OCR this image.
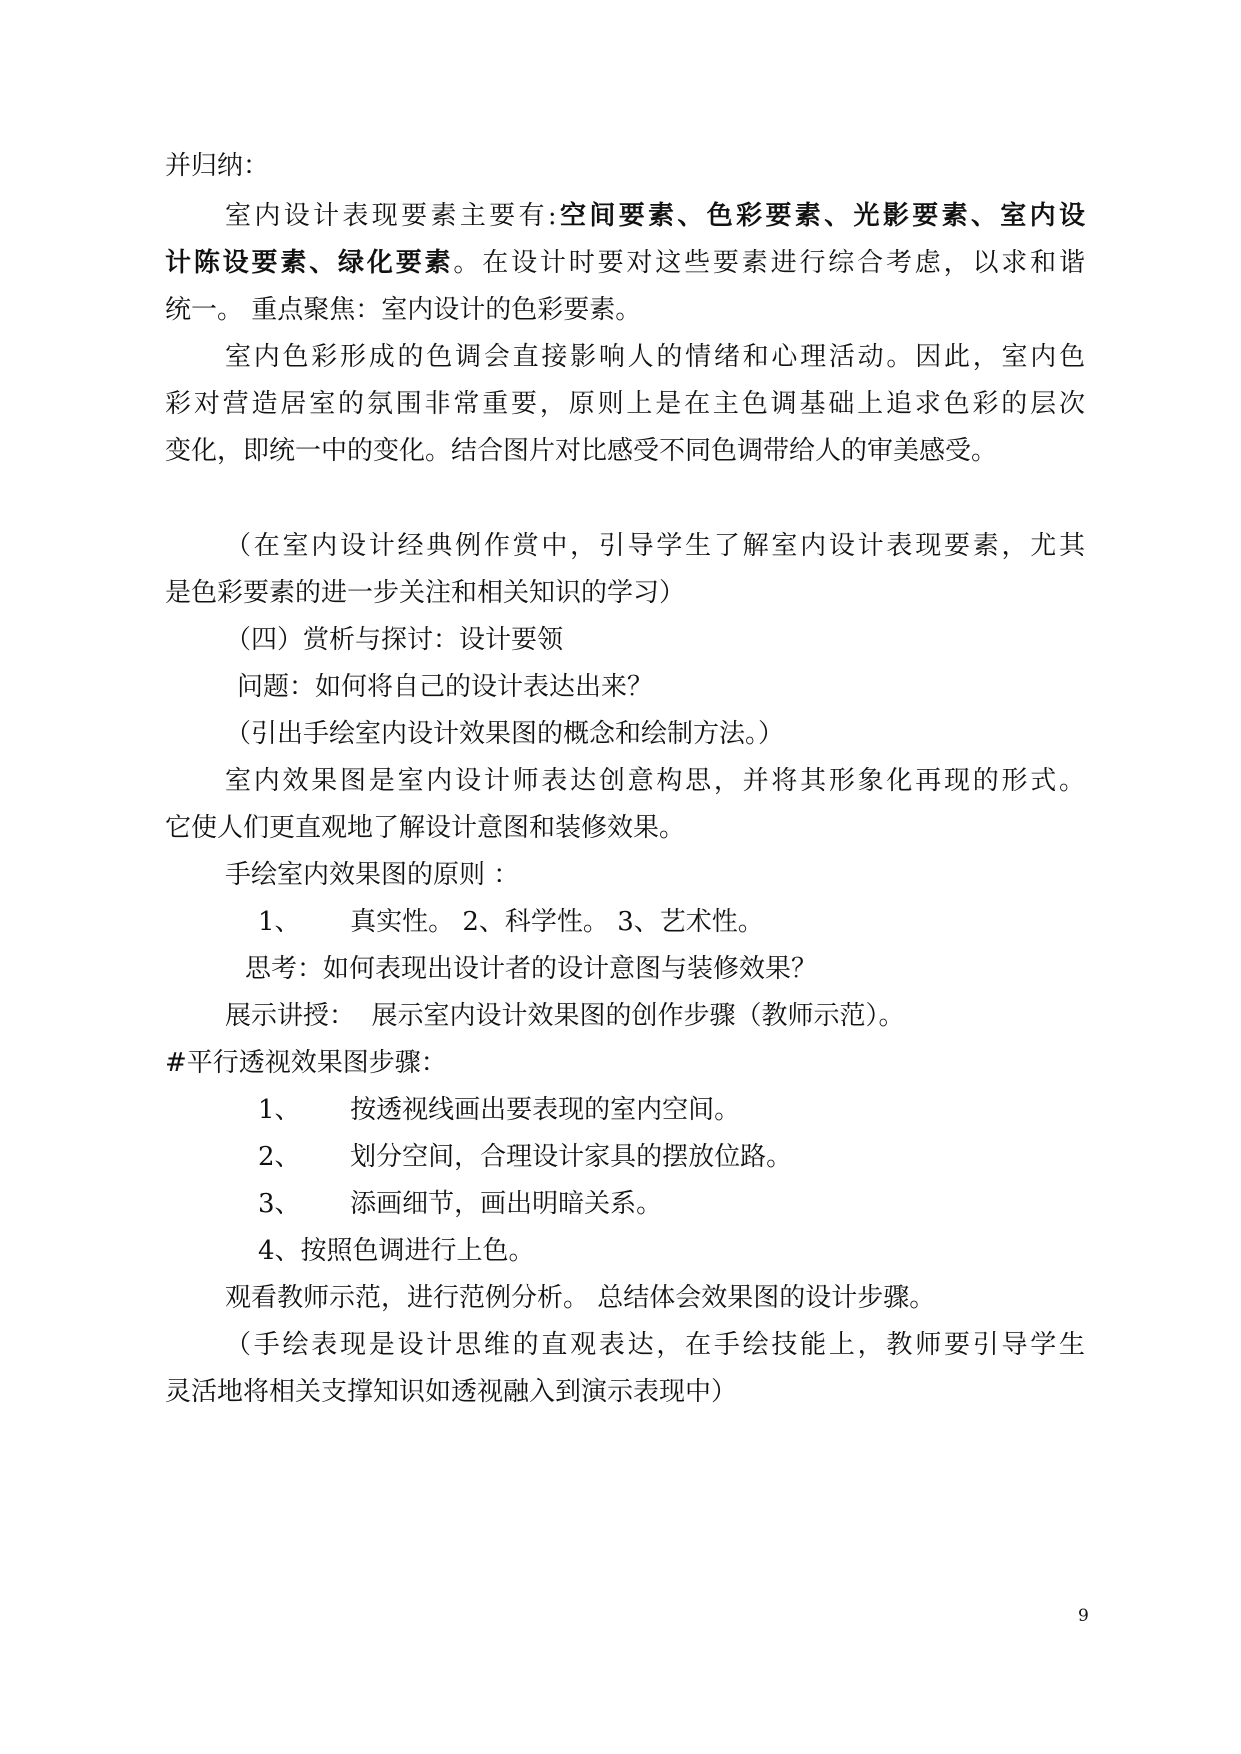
并归纳：
室内设计表现要素主要有:空间要素、色彩要素、光影要素、室内设
计陈设要素、绿化要素。在设计时要对这些要素进行综合考虑，以求和谐
统一。 重点聚焦：室内设计的色彩要素。
室内色彩形成的色调会直接影响人的情绪和心理活动。因此，室内色
彩对营造居室的氛围非常重要，原则上是在主色调基础上追求色彩的层次
变化，即统一中的变化。结合图片对比感受不同色调带给人的审美感受。
（在室内设计经典例作赏中，引导学生了解室内设计表现要素，尤其
是色彩要素的进一步关注和相关知识的学习）
（四）赏析与探讨：设计要领
问题：如何将自己的设计表达出来？
（引出手绘室内设计效果图的概念和绘制方法。）
室内效果图是室内设计师表达创意构思，并将其形象化再现的形式。
它使人们更直观地了解设计意图和装修效果。
手绘室内效果图的原则 ：
1、      真实性。 2、科学性。 3、艺术性。
思考：如何表现出设计者的设计意图与装修效果？
展示讲授：  展示室内设计效果图的创作步骤（教师示范）。
#平行透视效果图步骤：
1、      按透视线画出要表现的室内空间。
2、      划分空间，合理设计家具的摆放位路。
3、      添画细节，画出明暗关系。
4、按照色调进行上色。
观看教师示范，进行范例分析。 总结体会效果图的设计步骤。
（手绘表现是设计思维的直观表达，在手绘技能上，教师要引导学生
灵活地将相关支撑知识如透视融入到演示表现中）
9
